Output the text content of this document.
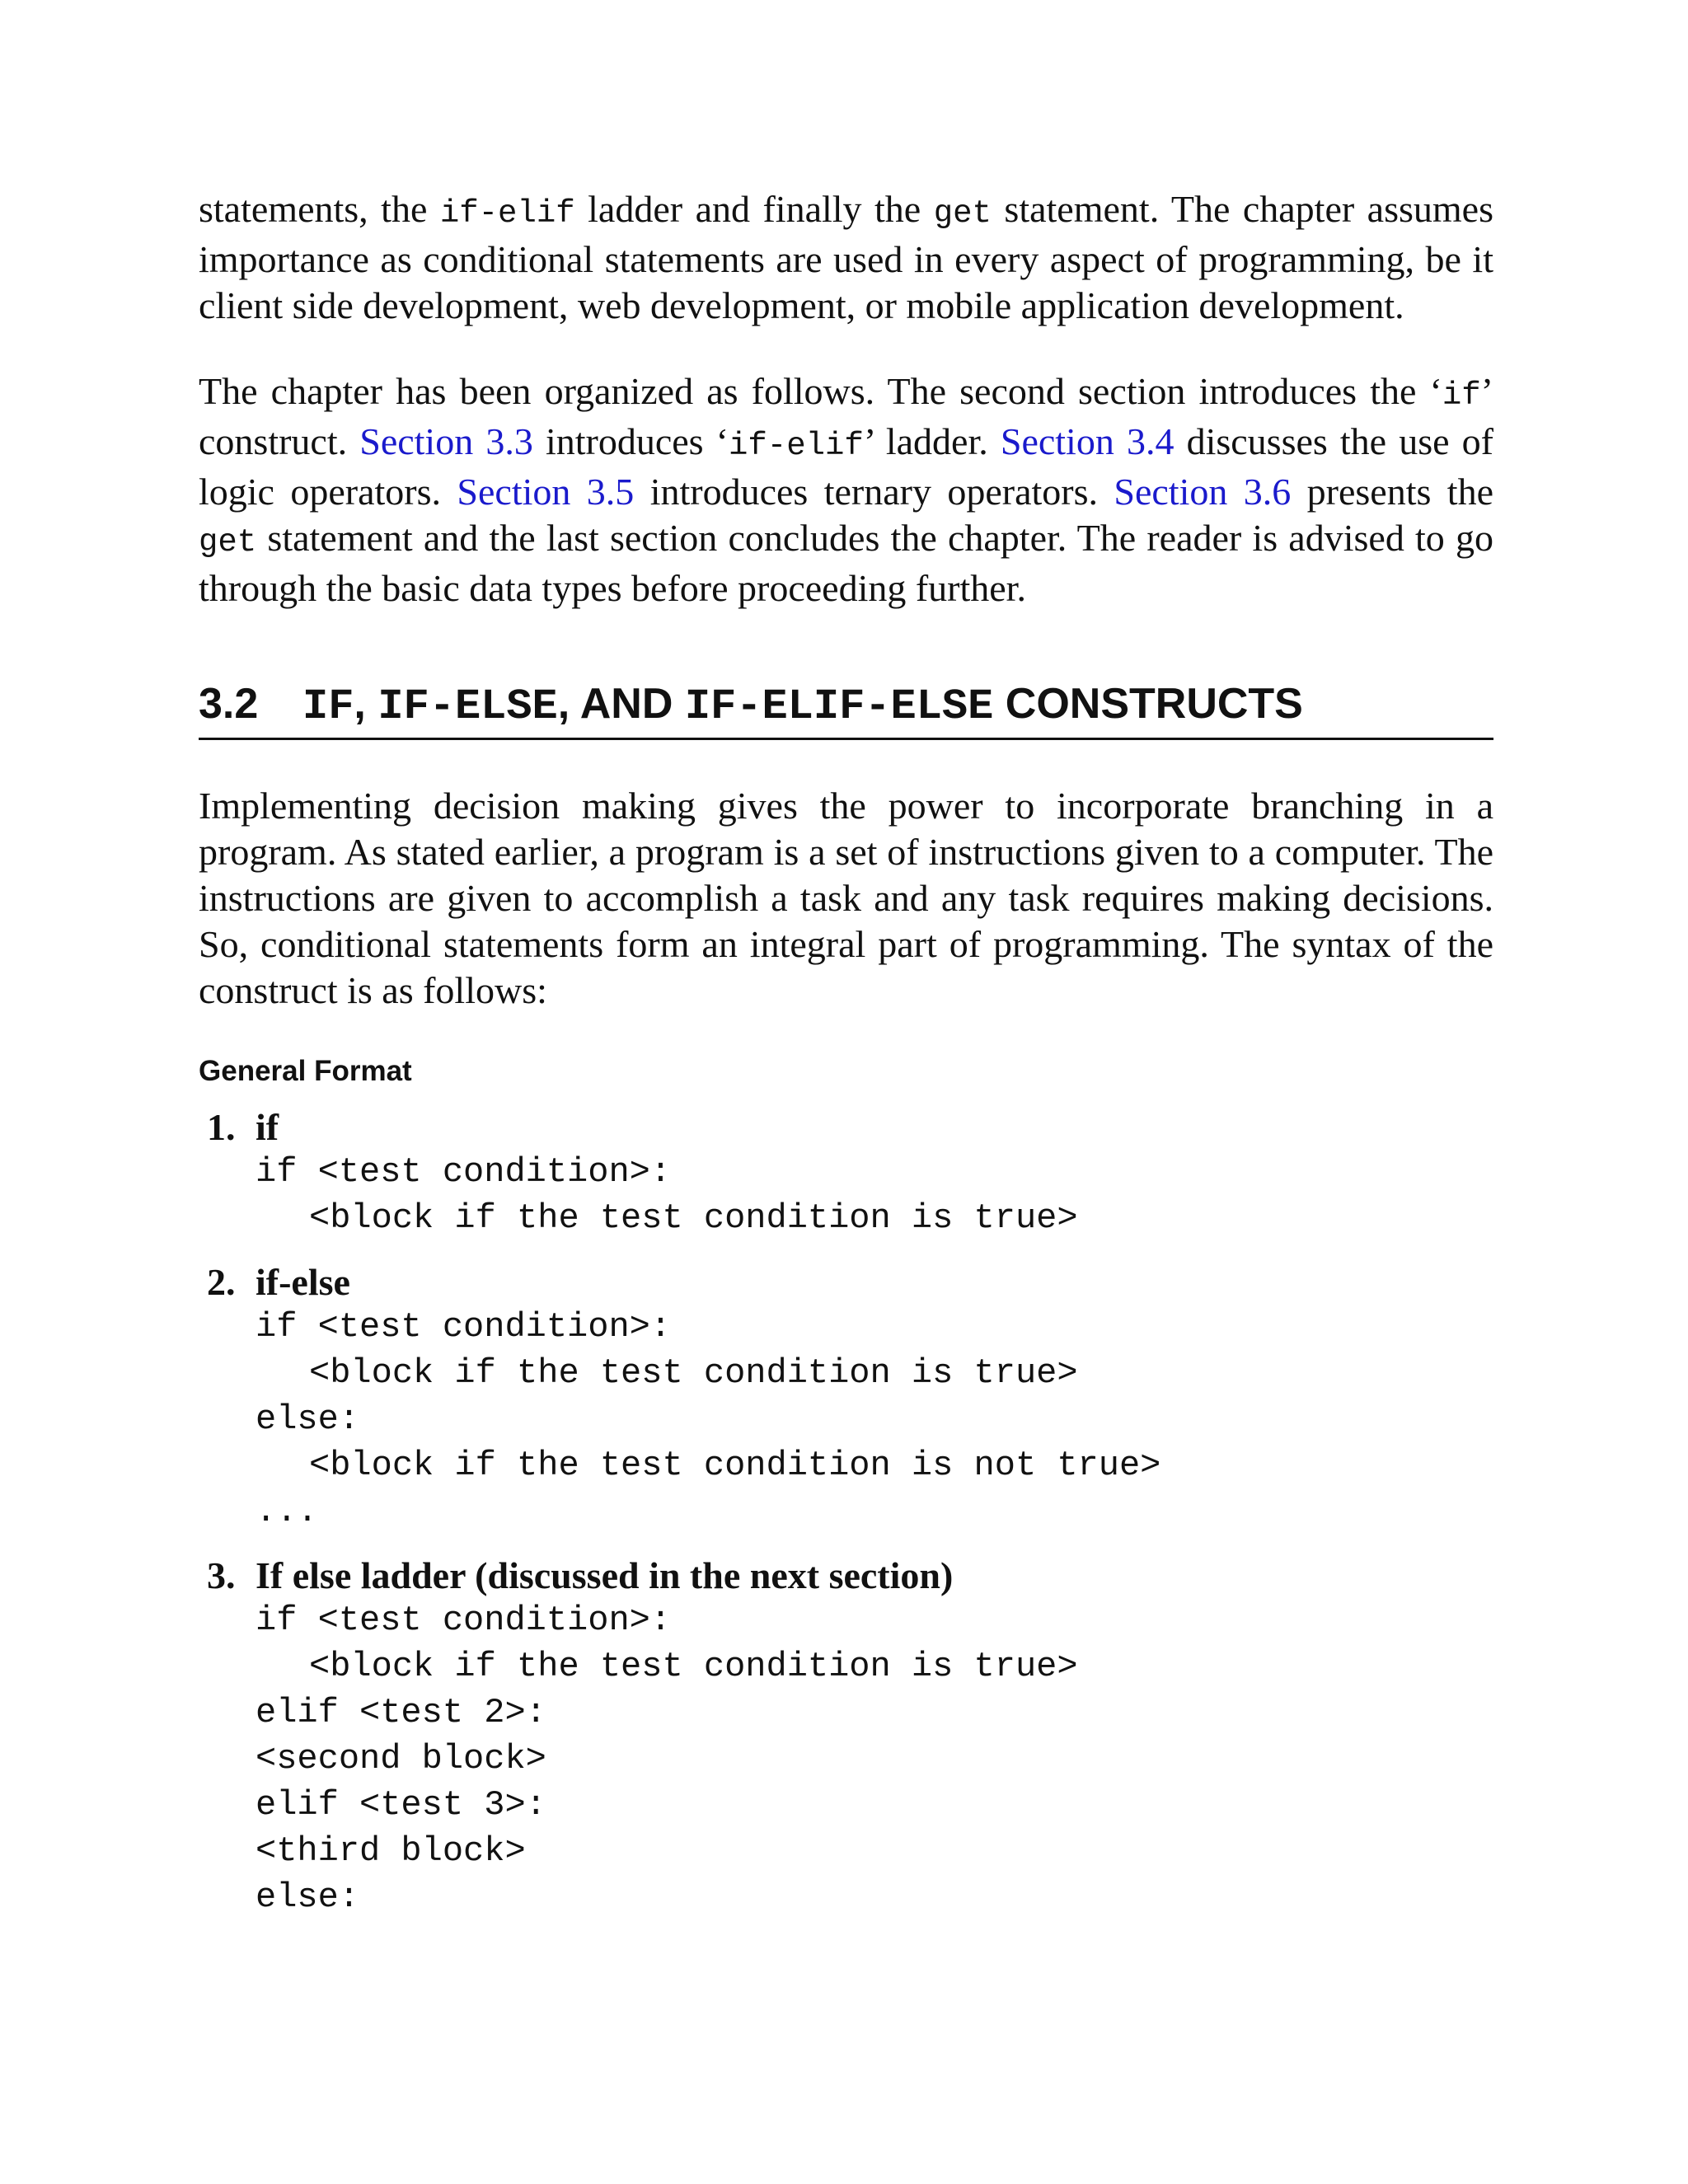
statements, the if-elif ladder and finally the get statement. The chapter assumes importance as conditional statements are used in every aspect of programming, be it client side development, web development, or mobile application development.

The chapter has been organized as follows. The second section introduces the ‘if’ construct. Section 3.3 introduces ‘if-elif’ ladder. Section 3.4 discusses the use of logic operators. Section 3.5 introduces ternary operators. Section 3.6 presents the get statement and the last section concludes the chapter. The reader is advised to go through the basic data types before proceeding further.

3.2 IF, IF-ELSE, AND IF-ELIF-ELSE CONSTRUCTS

Implementing decision making gives the power to incorporate branching in a program. As stated earlier, a program is a set of instructions given to a computer. The instructions are given to accomplish a task and any task requires making decisions. So, conditional statements form an integral part of programming. The syntax of the construct is as follows:

General Format
1. if
if <test condition>:
<block if the test condition is true>
2. if-else
if <test condition>:
<block if the test condition is true>
else:
<block if the test condition is not true>
...
3. If else ladder (discussed in the next section)
if <test condition>:
<block if the test condition is true>
elif <test 2>:
<second block>
elif <test 3>:
<third block>
else:
